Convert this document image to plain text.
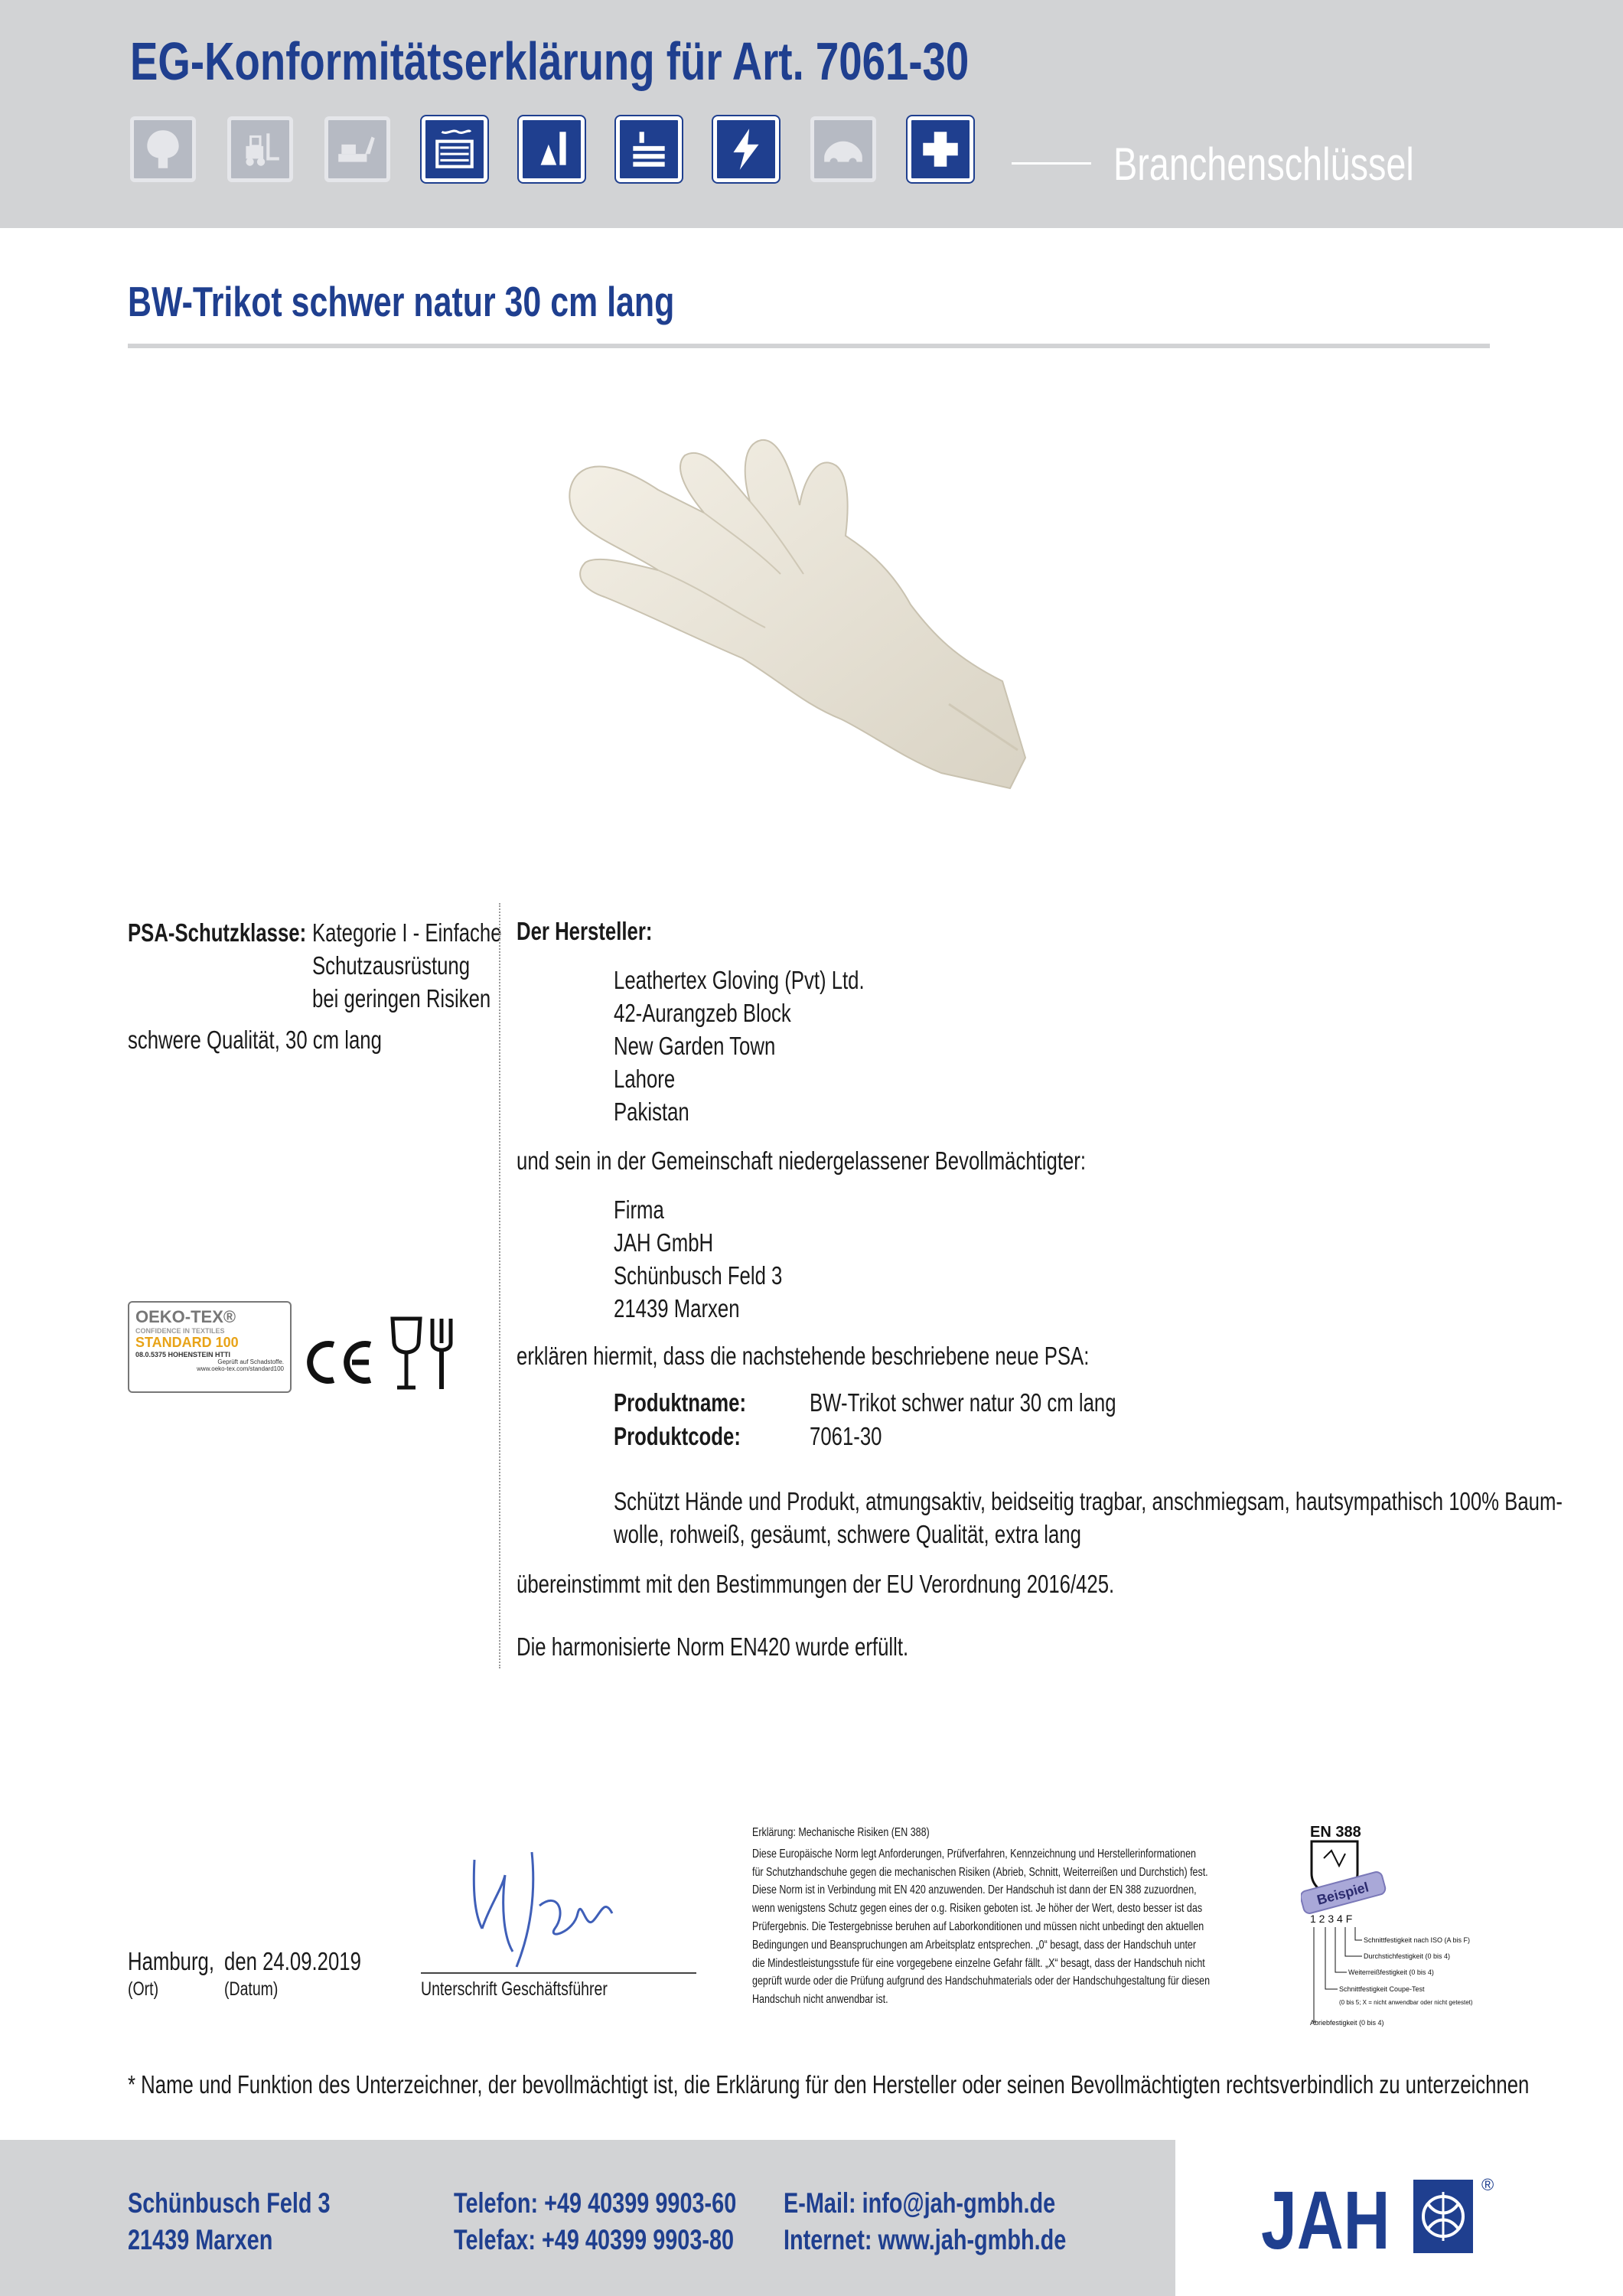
EG-Konformitätserklärung für Art. 7061-30
Branchenschlüssel
BW-Trikot schwer natur 30 cm lang
PSA-Schutzklasse: Kategorie I - Einfache
Schutzausrüstung
bei geringen Risiken
schwere Qualität, 30 cm lang
OEKO-TEX®
CONFIDENCE IN TEXTILES
STANDARD 100
08.0.5375 HOHENSTEIN HTTI
Geprüft auf Schadstoffe.
www.oeko-tex.com/standard100
Der Hersteller:
Leathertex Gloving (Pvt) Ltd.
42-Aurangzeb Block
New Garden Town
Lahore
Pakistan
und sein in der Gemeinschaft niedergelassener Bevollmächtigter:
Firma
JAH GmbH
Schünbusch Feld 3
21439 Marxen
erklären hiermit, dass die nachstehende beschriebene neue PSA:
Produktname:	BW-Trikot schwer natur 30 cm lang
Produktcode:	7061-30
Schützt Hände und Produkt, atmungsaktiv, beidseitig tragbar, anschmiegsam, hautsympathisch 100% Baum-
wolle, rohweiß, gesäumt, schwere Qualität, extra lang
übereinstimmt mit den Bestimmungen der EU Verordnung 2016/425.
Die harmonisierte Norm EN420 wurde erfüllt.
Hamburg, den 24.09.2019
(Ort)	(Datum)	Unterschrift Geschäftsführer
Erklärung: Mechanische Risiken (EN 388)
Diese Europäische Norm legt Anforderungen, Prüfverfahren, Kennzeichnung und Herstellerinformationen
für Schutzhandschuhe gegen die mechanischen Risiken (Abrieb, Schnitt, Weiterreißen und Durchstich) fest.
Diese Norm ist in Verbindung mit EN 420 anzuwenden. Der Handschuh ist dann der EN 388 zuzuordnen,
wenn wenigstens Schutz gegen eines der o.g. Risiken geboten ist. Je höher der Wert, desto besser ist das
Prüfergebnis. Die Testergebnisse beruhen auf Laborkonditionen und müssen nicht unbedingt den aktuellen
Bedingungen und Beanspruchungen am Arbeitsplatz entsprechen. „0“ besagt, dass der Handschuh unter
die Mindestleistungsstufe für eine vorgegebene einzelne Gefahr fällt. „X“ besagt, dass der Handschuh nicht
geprüft wurde oder die Prüfung aufgrund des Handschuhmaterials oder der Handschuhgestaltung für diesen
Handschuh nicht anwendbar ist.
EN 388
Beispiel
1 2 3 4 F
Schnittfestigkeit nach ISO (A bis F)
Durchstichfestigkeit (0 bis 4)
Weiterreißfestigkeit (0 bis 4)
Schnittfestigkeit Coupe-Test
(0 bis 5; X = nicht anwendbar oder nicht getestet)
Abriebfestigkeit (0 bis 4)
* Name und Funktion des Unterzeichner, der bevollmächtigt ist, die Erklärung für den Hersteller oder seinen Bevollmächtigten rechtsverbindlich zu unterzeichnen
Schünbusch Feld 3
21439 Marxen
Telefon: +49 40399 9903-60
Telefax: +49 40399 9903-80
E-Mail: info@jah-gmbh.de
Internet: www.jah-gmbh.de	JAH	®
